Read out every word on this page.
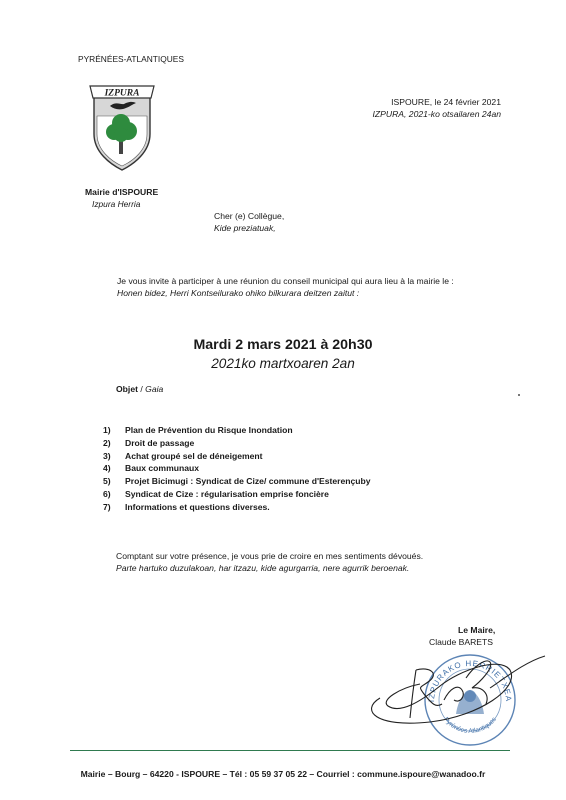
PYRÉNÉES-ATLANTIQUES
IZPURA
Mairie d'ISPOURE
Izpura Herria
ISPOURE, le 24 février 2021
IZPURA, 2021-ko otsailaren 24an
Cher (e) Collègue,
Kide preziatuak,
Je vous invite à participer à une réunion du conseil municipal qui aura lieu à la mairie le :
Honen bidez, Herri Kontseilurako ohiko bilkurara deitzen zaitut :
Mardi 2 mars 2021 à 20h30
2021ko martxoaren 2an
Objet / Gaia
1) Plan de Prévention du Risque Inondation
2) Droit de passage
3) Achat groupé sel de déneigement
4) Baux communaux
5) Projet Bicimugi : Syndicat de Cize/ commune d'Esterençuby
6) Syndicat de Cize : régularisation emprise foncière
7) Informations et questions diverses.
Comptant sur votre présence, je vous prie de croire en mes sentiments dévoués.
Parte hartuko duzulakoan, har itzazu, kide agurgarria, nere agurrik beroenak.
Le Maire,
Claude BARETS
IZPURAKO HERRIETXEA
Pyrénées Atlantiques
Mairie – Bourg – 64220 - ISPOURE – Tél : 05 59 37 05 22 – Courriel : commune.ispoure@wanadoo.fr
